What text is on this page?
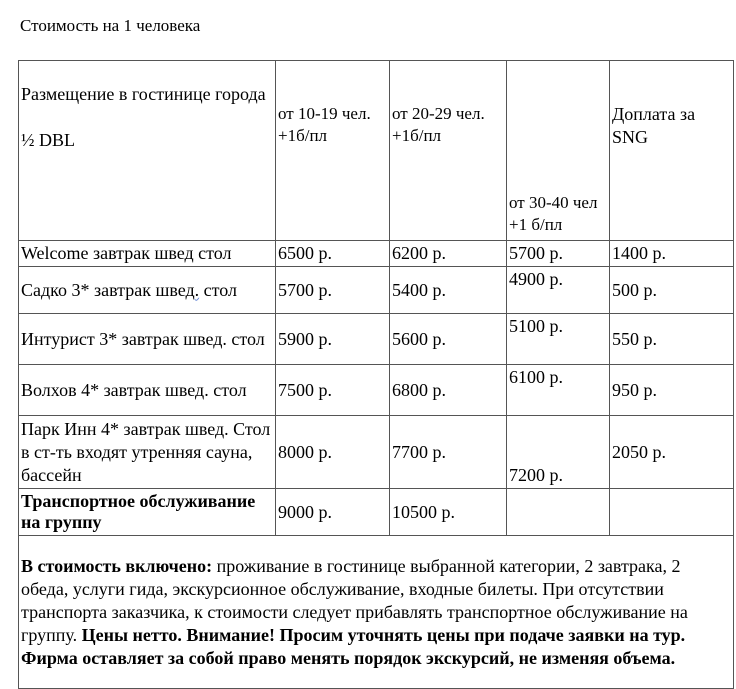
Стоимость на 1 человека
Размещение в гостинице города
½ DBL	от 10-19 чел. +1б/пл	от 20-29 чел. +1б/пл	от 30-40 чел +1 б/пл	Доплата за SNG
Welcome завтрак швед стол	6500 р.	6200 р.	5700 р.	1400 р.
Садко 3* завтрак швед. стол	5700 р.	5400 р.	4900 р.	500 р.
Интурист 3* завтрак швед. стол	5900 р.	5600 р.	5100 р.	550 р.
Волхов 4* завтрак швед. стол	7500 р.	6800 р.	6100 р.	950 р.
Парк Инн 4* завтрак швед. Стол в ст-ть входят утренняя сауна, бассейн	8000 р.	7700 р.	7200 р.	2050 р.
Транспортное обслуживание на группу	9000 р.	10500 р.		
В стоимость включено: проживание в гостинице выбранной категории, 2 завтрака, 2 обеда, услуги гида, экскурсионное обслуживание, входные билеты. При отсутствии транспорта заказчика, к стоимости следует прибавлять транспортное обслуживание на группу. Цены нетто. Внимание! Просим уточнять цены при подаче заявки на тур. Фирма оставляет за собой право менять порядок экскурсий, не изменяя объема.				
